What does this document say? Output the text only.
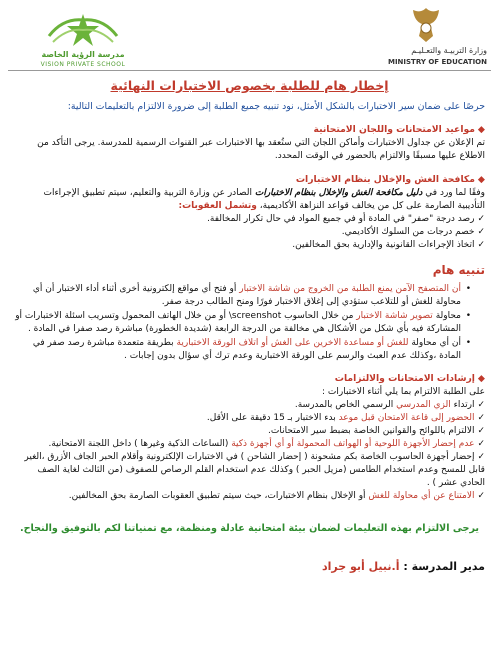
مدرسة الرؤية الخاصة
VISION PRIVATE SCHOOL
وزارة التربيـة والتعـليـم
MINISTRY OF EDUCATION
إخطار هام للطلبة بخصوص الاختبارات النهائية
حرصًا على ضمان سير الاختبارات بالشكل الأمثل، نود تنبيه جميع الطلبة إلى ضرورة الالتزام بالتعليمات التالية:
◆مواعيد الامتحانات واللجان الامتحانية
تم الإعلان عن جداول الاختبارات وأماكن اللجان التي ستُعقد بها الاختبارات عبر القنوات الرسمية للمدرسة. يرجى التأكد من الاطلاع عليها مسبقًا والالتزام بالحضور في الوقت المحدد.
◆مكافحة الغش والإخلال بنظام الاختبارات
وفقًا لما ورد في دليل مكافحة الغش والإخلال بنظام الاختبارات الصادر عن وزارة التربية والتعليم، سيتم تطبيق الإجراءات التأديبية الصارمة على كل من يخالف قواعد النزاهة الأكاديمية، وتشمل العقوبات:
✓رصد درجة "صفر" في المادة أو في جميع المواد في حال تكرار المخالفة.
✓خصم درجات من السلوك الأكاديمي.
✓اتخاذ الإجراءات القانونية والإدارية بحق المخالفين.
تنبيه هام
• أن المتصفح الآمن يمنع الطلبة من الخروج من شاشة الاختبار أو فتح أي مواقع إلكترونية أخرى أثناء أداء الاختبار أن أي محاولة للغش أو للتلاعب ستؤدي إلى إغلاق الاختبار فورًا ومنح الطالب درجة صفر.
• محاولة تصوير شاشة الاختبار من خلال الحاسوب screenshot\ أو من خلال الهاتف المحمول وتسريب اسئلة الاختبارات أو المشاركة فيه بأي شكل من الأشكال هي مخالفة من الدرجة الرابعة (شديدة الخطورة) مباشرة رصد صفرا في المادة .
• أن أي محاولة للغش أو مساعدة الاخرين على الغش أو اتلاف الورقة الاختبارية بطريقة متعمدة مباشرة رصد صفر في المادة ،وكذلك عدم العبث والرسم على الورقة الاختبارية وعدم ترك أي سؤال بدون إجابات .
◆إرشادات الامتحانات والالتزامات
على الطلبة الالتزام بما يلي أثناء الاختبارات :
✓ارتداء الزي المدرسي الرسمي الخاص بالمدرسة.
✓الحضور إلى قاعة الامتحان قبل موعد بدء الاختبار بـ 15 دقيقة على الأقل.
✓الالتزام باللوائح والقوانين الخاصة بضبط سير الامتحانات.
✓عدم إحضار الأجهزة اللوحية أو الهواتف المحمولة أو أي أجهزة ذكية (الساعات الذكية وغيرها ) داخل اللجنة الامتحانية.
✓إحضار أجهزة الحاسوب الخاصة بكم مشحونة ( إحضار الشاحن ) في الاختبارات الإلكترونية وأقلام الحبر الجاف الأزرق ،الغير قابل للمسح وعدم استخدام الطامس (مزيل الحبر ) وكذلك عدم استخدام القلم الرصاص للصفوف (من الثالث لغاية الصف الحادي عشر ) .
✓الامتناع عن أي محاولة للغش أو الإخلال بنظام الاختبارات، حيث سيتم تطبيق العقوبات الصارمة بحق المخالفين.
يرجى الالتزام بهذه التعليمات لضمان بيئة امتحانية عادلة ومنظمة، مع تمنياتنا لكم بالتوفيق والنجاح.
مدير المدرسة : أ.نبيل أبو جراد
